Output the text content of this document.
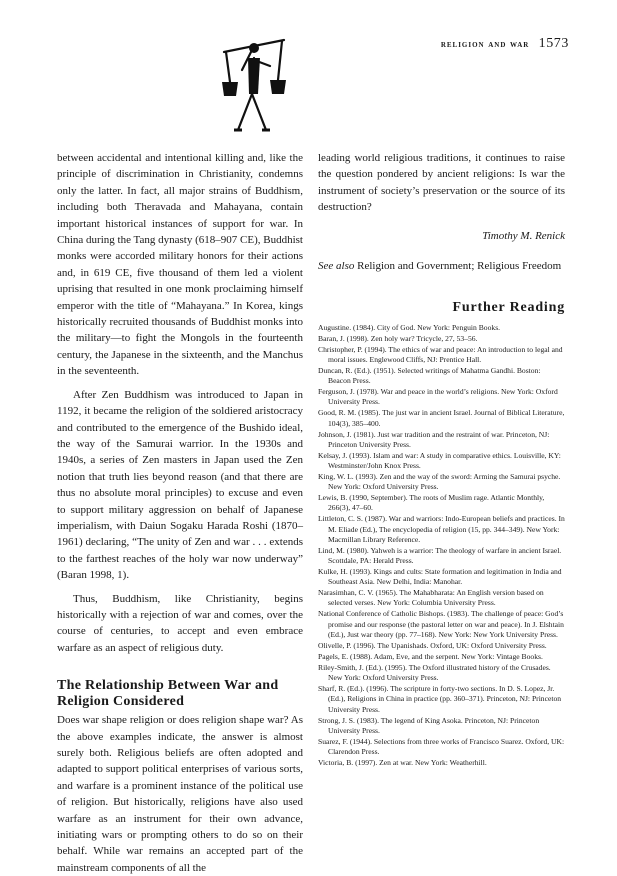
religion and war 1573

between accidental and intentional killing and, like the principle of discrimination in Christianity, condemns only the latter. In fact, all major strains of Buddhism, including both Theravada and Mahayana, contain important historical instances of support for war. In China during the Tang dynasty (618–907 CE), Buddhist monks were accorded military honors for their actions and, in 619 CE, five thousand of them led a violent uprising that resulted in one monk proclaiming himself emperor with the title of “Mahayana.” In Korea, kings historically recruited thousands of Buddhist monks into the military—to fight the Mongols in the fourteenth century, the Japanese in the sixteenth, and the Manchus in the seventeenth.

After Zen Buddhism was introduced to Japan in 1192, it became the religion of the soldiered aristocracy and contributed to the emergence of the Bushido ideal, the way of the Samurai warrior. In the 1930s and 1940s, a series of Zen masters in Japan used the Zen notion that truth lies beyond reason (and that there are thus no absolute moral principles) to excuse and even to support military aggression on behalf of Japanese imperialism, with Daiun Sogaku Harada Roshi (1870–1961) declaring, “The unity of Zen and war . . . extends to the farthest reaches of the holy war now underway” (Baran 1998, 1).

Thus, Buddhism, like Christianity, begins historically with a rejection of war and comes, over the course of centuries, to accept and even embrace warfare as an aspect of religious duty.

The Relationship Between War and Religion Considered

Does war shape religion or does religion shape war? As the above examples indicate, the answer is almost surely both. Religious beliefs are often adopted and adapted to support political enterprises of various sorts, and warfare is a prominent instance of the political use of religion. But historically, religions have also used warfare as an instrument for their own advance, initiating wars or prompting others to do so on their behalf. While war remains an accepted part of the mainstream components of all the

leading world religious traditions, it continues to raise the question pondered by ancient religions: Is war the instrument of society’s preservation or the source of its destruction?

Timothy M. Renick
See also Religion and Government; Religious Freedom
Further Reading
Augustine. (1984). City of God. New York: Penguin Books.
Baran, J. (1998). Zen holy war? Tricycle, 27, 53–56.
Christopher, P. (1994). The ethics of war and peace: An introduction to legal and moral issues. Englewood Cliffs, NJ: Prentice Hall.
Duncan, R. (Ed.). (1951). Selected writings of Mahatma Gandhi. Boston: Beacon Press.
Ferguson, J. (1978). War and peace in the world’s religions. New York: Oxford University Press.
Good, R. M. (1985). The just war in ancient Israel. Journal of Biblical Literature, 104(3), 385–400.
Johnson, J. (1981). Just war tradition and the restraint of war. Princeton, NJ: Princeton University Press.
Kelsay, J. (1993). Islam and war: A study in comparative ethics. Louisville, KY: Westminster/John Knox Press.
King, W. L. (1993). Zen and the way of the sword: Arming the Samurai psyche. New York: Oxford University Press.
Lewis, B. (1990, September). The roots of Muslim rage. Atlantic Monthly, 266(3), 47–60.
Littleton, C. S. (1987). War and warriors: Indo-European beliefs and practices. In M. Eliade (Ed.), The encyclopedia of religion (15, pp. 344–349). New York: Macmillan Library Reference.
Lind, M. (1980). Yahweh is a warrior: The theology of warfare in ancient Israel. Scottdale, PA: Herald Press.
Kulke, H. (1993). Kings and cults: State formation and legitimation in India and Southeast Asia. New Delhi, India: Manohar.
Narasimhan, C. V. (1965). The Mahabharata: An English version based on selected verses. New York: Columbia University Press.
National Conference of Catholic Bishops. (1983). The challenge of peace: God’s promise and our response (the pastoral letter on war and peace). In J. Elshtain (Ed.), Just war theory (pp. 77–168). New York: New York University Press.
Olivelle, P. (1996). The Upanishads. Oxford, UK: Oxford University Press.
Pagels, E. (1988). Adam, Eve, and the serpent. New York: Vintage Books.
Riley-Smith, J. (Ed.). (1995). The Oxford illustrated history of the Crusades. New York: Oxford University Press.
Sharf, R. (Ed.). (1996). The scripture in forty-two sections. In D. S. Lopez, Jr. (Ed.), Religions in China in practice (pp. 360–371). Princeton, NJ: Princeton University Press.
Strong, J. S. (1983). The legend of King Asoka. Princeton, NJ: Princeton University Press.
Suarez, F. (1944). Selections from three works of Francisco Suarez. Oxford, UK: Clarendon Press.
Victoria, B. (1997). Zen at war. New York: Weatherhill.
